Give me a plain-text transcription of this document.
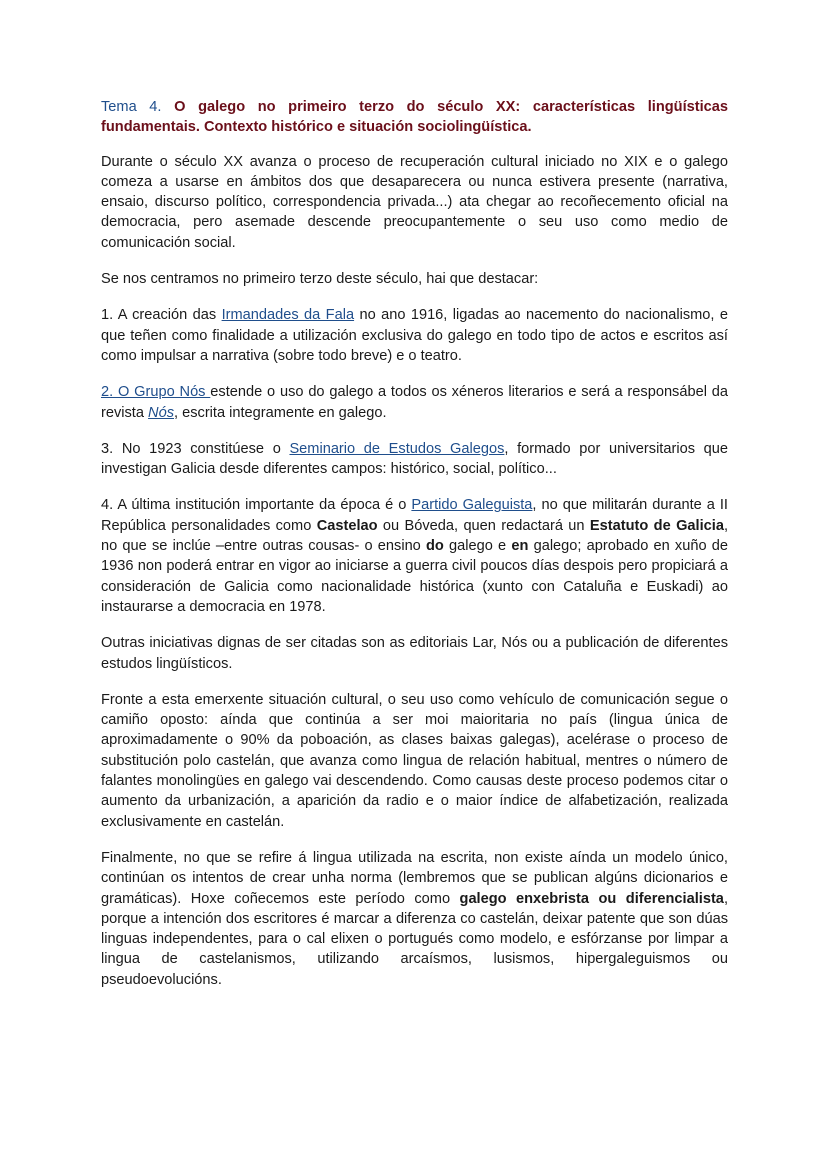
Tema 4. O galego no primeiro terzo do século XX: características lingüísticas fundamentais. Contexto histórico e situación sociolingüística.

Durante o século XX avanza o proceso de recuperación cultural iniciado no XIX e o galego comeza a usarse en ámbitos dos que desaparecera ou nunca estivera presente (narrativa, ensaio, discurso político, correspondencia privada...) ata chegar ao recoñecemento oficial na democracia, pero asemade descende preocupantemente o seu uso como medio de comunicación social.

Se nos centramos no primeiro terzo deste século, hai que destacar:

1. A creación das Irmandades da Fala no ano 1916, ligadas ao nacemento do nacionalismo, e que teñen como finalidade a utilización exclusiva do galego en todo tipo de actos e escritos así como impulsar a narrativa (sobre todo breve) e o teatro.

2. O Grupo Nós estende o uso do galego a todos os xéneros literarios e será a responsábel da revista Nós, escrita integramente en galego.

3. No 1923 constitúese o Seminario de Estudos Galegos, formado por universitarios que investigan Galicia desde diferentes campos: histórico, social, político...

4. A última institución importante da época é o Partido Galeguista, no que militarán durante a II República personalidades como Castelao ou Bóveda, quen redactará un Estatuto de Galicia, no que se inclúe –entre outras cousas- o ensino do galego e en galego; aprobado en xuño de 1936 non poderá entrar en vigor ao iniciarse a guerra civil poucos días despois pero propiciará a consideración de Galicia como nacionalidade histórica (xunto con Cataluña e Euskadi) ao instaurarse a democracia en 1978.

Outras iniciativas dignas de ser citadas son as editoriais Lar, Nós ou a publicación de diferentes estudos lingüísticos.

Fronte a esta emerxente situación cultural, o seu uso como vehículo de comunicación segue o camiño oposto: aínda que continúa a ser moi maioritaria no país (lingua única de aproximadamente o 90% da poboación, as clases baixas galegas), acelérase o proceso de substitución polo castelán, que avanza como lingua de relación habitual, mentres o número de falantes monolingües en galego vai descendendo. Como causas deste proceso podemos citar o aumento da urbanización, a aparición da radio e o maior índice de alfabetización, realizada exclusivamente en castelán.

Finalmente, no que se refire á lingua utilizada na escrita, non existe aínda un modelo único, continúan os intentos de crear unha norma (lembremos que se publican algúns dicionarios e gramáticas). Hoxe coñecemos este período como galego enxebrista ou diferencialista, porque a intención dos escritores é marcar a diferenza co castelán, deixar patente que son dúas linguas independentes, para o cal elixen o portugués como modelo, e esfórzanse por limpar a lingua de castelanismos, utilizando arcaísmos, lusismos, hipergaleguismos ou pseudoevolucións.
